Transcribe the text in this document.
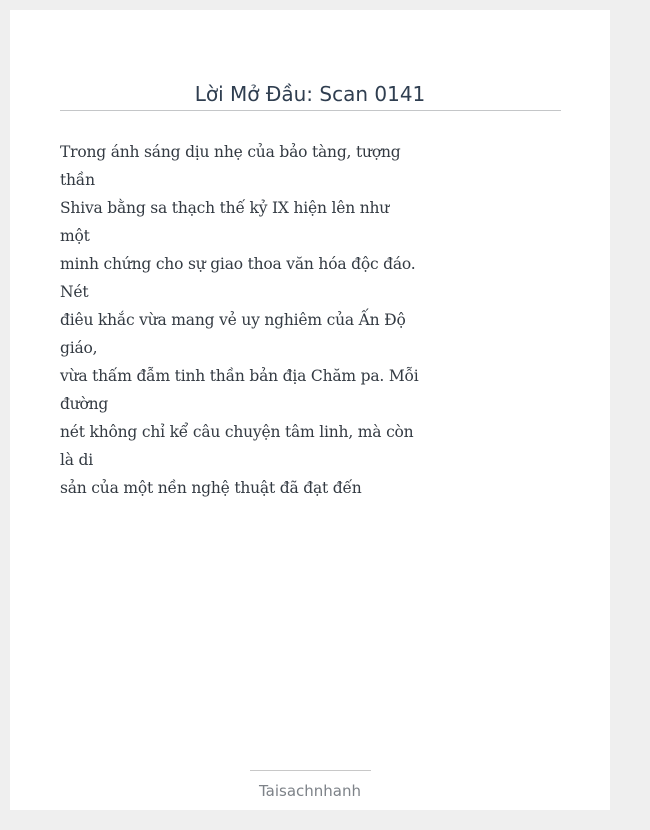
Lời Mở Đầu: Scan 0141

Trong ánh sáng dịu nhẹ của bảo tàng, tượng
thần
Shiva bằng sa thạch thế kỷ IX hiện lên như
một
minh chứng cho sự giao thoa văn hóa độc đáo.
Nét
điêu khắc vừa mang vẻ uy nghiêm của Ấn Độ
giáo,
vừa thấm đẫm tinh thần bản địa Chăm pa. Mỗi
đường
nét không chỉ kể câu chuyện tâm linh, mà còn
là di
sản của một nền nghệ thuật đã đạt đến

Taisachnhanh
